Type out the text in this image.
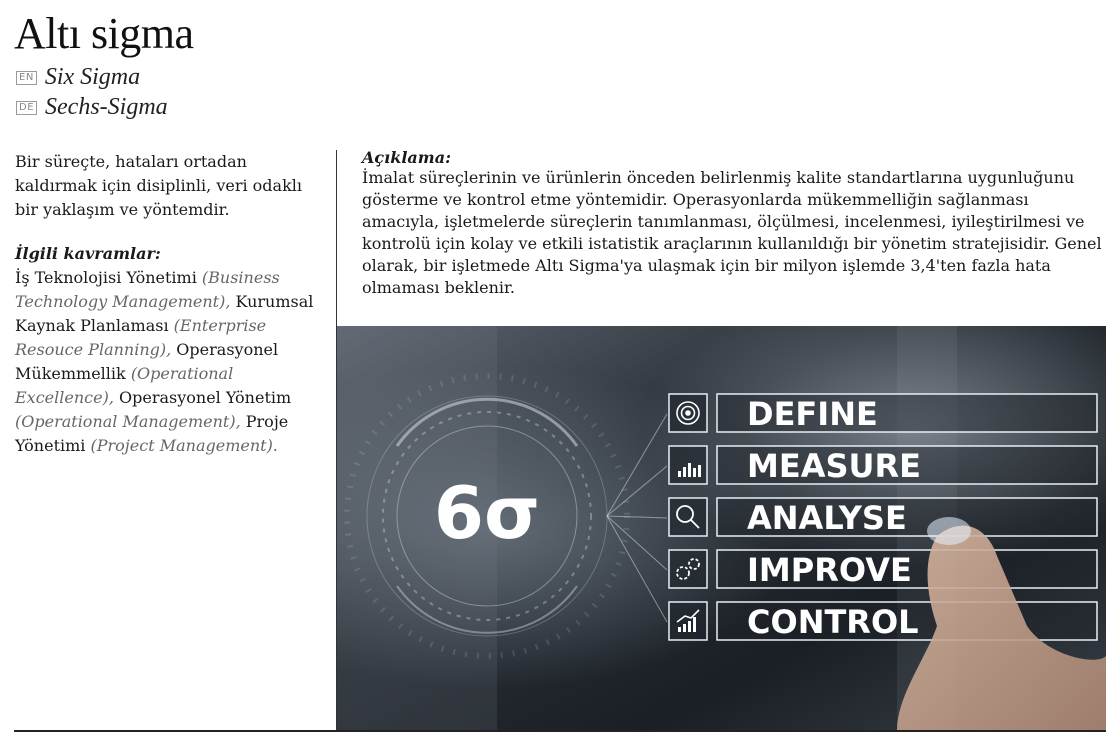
Altı sigma
EN Six Sigma
DE Sechs-Sigma

Bir süreçte, hataları ortadan kaldırmak için disiplinli, veri odaklı bir yaklaşım ve yöntemdir.

İlgili kavramlar:

İş Teknolojisi Yönetimi (Business Technology Management), Kurumsal Kaynak Planlaması (Enterprise Resouce Planning), Operasyonel Mükemmellik (Operational Excellence), Operasyonel Yönetim (Operational Management), Proje Yönetimi (Project Management).

Açıklama:

İmalat süreçlerinin ve ürünlerin önceden belirlenmiş kalite standartlarına uygunluğunu gösterme ve kontrol etme yöntemidir. Operasyonlarda mükemmelliğin sağlanması amacıyla, işletmelerde süreçlerin tanımlanması, ölçülmesi, incelenmesi, iyileştirilmesi ve kontrolü için kolay ve etkili istatistik araçlarının kullanıldığı bir yönetim stratejisidir. Genel olarak, bir işletmede Altı Sigma'ya ulaşmak için bir milyon işlemde 3,4'ten fazla hata olmaması beklenir.

6σ
DEFINE
MEASURE
ANALYSE
IMPROVE
CONTROL
